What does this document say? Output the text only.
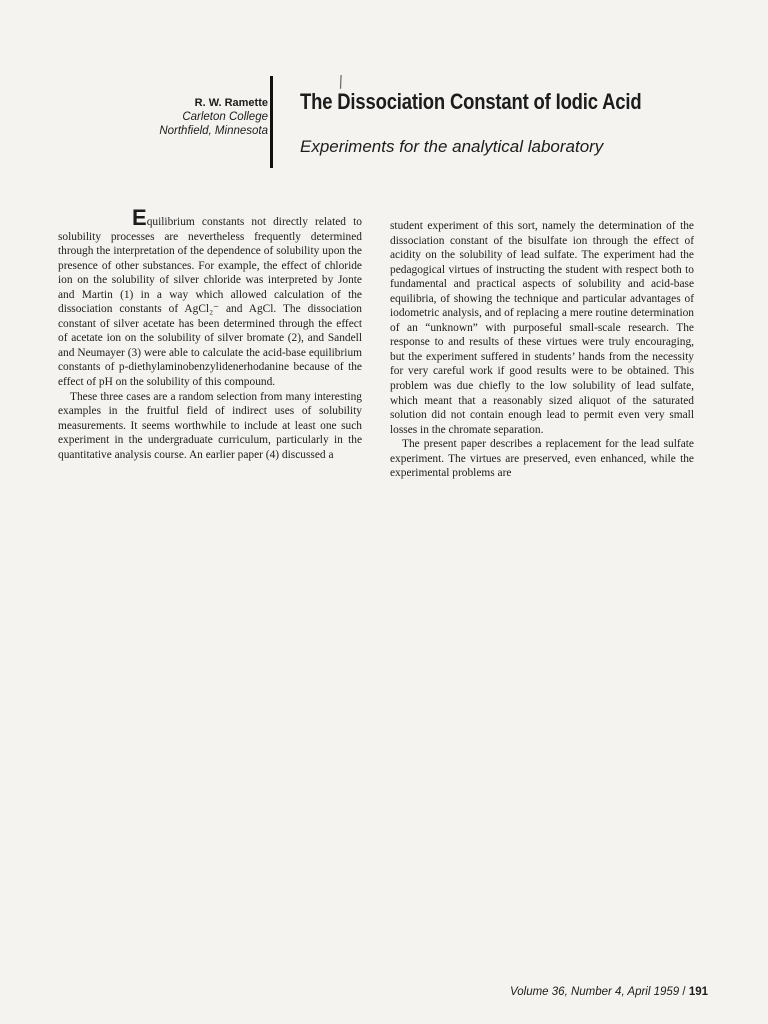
R. W. Ramette
Carleton College
Northfield, Minnesota
/
The Dissociation Constant of Iodic Acid
Experiments for the analytical laboratory

Equilibrium constants not directly related to solubility processes are nevertheless frequently determined through the interpretation of the dependence of solubility upon the presence of other substances. For example, the effect of chloride ion on the solubility of silver chloride was interpreted by Jonte and Martin (1) in a way which allowed calculation of the dissociation constants of AgCl₂⁻ and AgCl. The dissociation constant of silver acetate has been determined through the effect of acetate ion on the solubility of silver bromate (2), and Sandell and Neumayer (3) were able to calculate the acid-base equilibrium constants of p-diethylaminobenzylidenerhodanine because of the effect of pH on the solubility of this compound.

These three cases are a random selection from many interesting examples in the fruitful field of indirect uses of solubility measurements. It seems worthwhile to include at least one such experiment in the undergraduate curriculum, particularly in the quantitative analysis course. An earlier paper (4) discussed a

student experiment of this sort, namely the determination of the dissociation constant of the bisulfate ion through the effect of acidity on the solubility of lead sulfate. The experiment had the pedagogical virtues of instructing the student with respect both to fundamental and practical aspects of solubility and acid-base equilibria, of showing the technique and particular advantages of iodometric analysis, and of replacing a mere routine determination of an “unknown” with purposeful small-scale research. The response to and results of these virtues were truly encouraging, but the experiment suffered in students’ hands from the necessity for very careful work if good results were to be obtained. This problem was due chiefly to the low solubility of lead sulfate, which meant that a reasonably sized aliquot of the saturated solution did not contain enough lead to permit even very small losses in the chromate separation.

The present paper describes a replacement for the lead sulfate experiment. The virtues are preserved, even enhanced, while the experimental problems are

Volume 36, Number 4, April 1959 / 191
